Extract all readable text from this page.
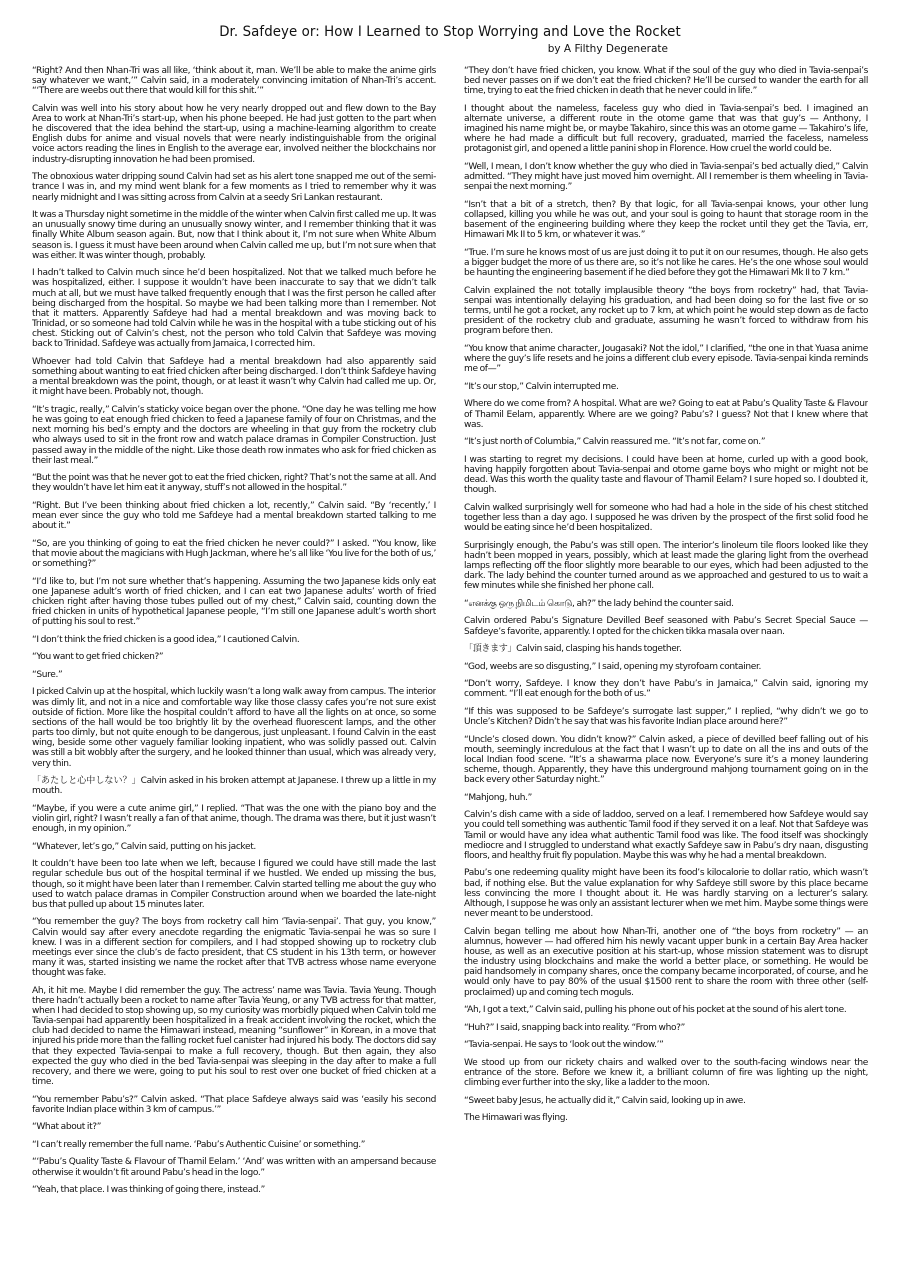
Dr. Safdeye or: How I Learned to Stop Worrying and Love the Rocket
by A Filthy Degenerate

“Right? And then Nhan-Tri was all like, ‘think about it, man. We’ll be able to make the anime girls say whatever we want,’” Calvin said, in a moderately convincing imitation of Nhan-Tri’s accent. “‘There are weebs out there that would kill for this shit.’”

Calvin was well into his story about how he very nearly dropped out and flew down to the Bay Area to work at Nhan-Tri’s start-up, when his phone beeped. He had just gotten to the part when he discovered that the idea behind the start-up, using a machine-learning algorithm to create English dubs for anime and visual novels that were nearly indistinguishable from the original voice actors reading the lines in English to the average ear, involved neither the blockchains nor industry-disrupting innovation he had been promised.

The obnoxious water dripping sound Calvin had set as his alert tone snapped me out of the semi-trance I was in, and my mind went blank for a few moments as I tried to remember why it was nearly midnight and I was sitting across from Calvin at a seedy Sri Lankan restaurant.

It was a Thursday night sometime in the middle of the winter when Calvin first called me up. It was an unusually snowy time during an unusually snowy winter, and I remember thinking that it was finally White Album season again. But, now that I think about it, I’m not sure when White Album season is. I guess it must have been around when Calvin called me up, but I’m not sure when that was either. It was winter though, probably.

I hadn’t talked to Calvin much since he’d been hospitalized. Not that we talked much before he was hospitalized, either. I suppose it wouldn’t have been inaccurate to say that we didn’t talk much at all, but we must have talked frequently enough that I was the first person he called after being discharged from the hospital. So maybe we had been talking more than I remember. Not that it matters. Apparently Safdeye had had a mental breakdown and was moving back to Trinidad, or so someone had told Calvin while he was in the hospital with a tube sticking out of his chest. Sticking out of Calvin’s chest, not the person who told Calvin that Safdeye was moving back to Trinidad. Safdeye was actually from Jamaica, I corrected him.

Whoever had told Calvin that Safdeye had a mental breakdown had also apparently said something about wanting to eat fried chicken after being discharged. I don’t think Safdeye having a mental breakdown was the point, though, or at least it wasn’t why Calvin had called me up. Or, it might have been. Probably not, though.

“It’s tragic, really,” Calvin’s staticky voice began over the phone. “One day he was telling me how he was going to eat enough fried chicken to feed a Japanese family of four on Christmas, and the next morning his bed’s empty and the doctors are wheeling in that guy from the rocketry club who always used to sit in the front row and watch palace dramas in Compiler Construction. Just passed away in the middle of the night. Like those death row inmates who ask for fried chicken as their last meal.”

“But the point was that he never got to eat the fried chicken, right? That’s not the same at all. And they wouldn’t have let him eat it anyway, stuff’s not allowed in the hospital.”

“Right. But I’ve been thinking about fried chicken a lot, recently,” Calvin said. “By ‘recently,’ I mean ever since the guy who told me Safdeye had a mental breakdown started talking to me about it.”

“So, are you thinking of going to eat the fried chicken he never could?” I asked. “You know, like that movie about the magicians with Hugh Jackman, where he’s all like ‘You live for the both of us,’ or something?”

“I’d like to, but I’m not sure whether that’s happening. Assuming the two Japanese kids only eat one Japanese adult’s worth of fried chicken, and I can eat two Japanese adults’ worth of fried chicken right after having those tubes pulled out of my chest,” Calvin said, counting down the fried chicken in units of hypothetical Japanese people, “I’m still one Japanese adult’s worth short of putting his soul to rest.”

“I don’t think the fried chicken is a good idea,” I cautioned Calvin.

“You want to get fried chicken?”

“Sure.”

I picked Calvin up at the hospital, which luckily wasn’t a long walk away from campus. The interior was dimly lit, and not in a nice and comfortable way like those classy cafes you’re not sure exist outside of fiction. More like the hospital couldn’t afford to have all the lights on at once, so some sections of the hall would be too brightly lit by the overhead fluorescent lamps, and the other parts too dimly, but not quite enough to be dangerous, just unpleasant. I found Calvin in the east wing, beside some other vaguely familiar looking inpatient, who was solidly passed out. Calvin was still a bit wobbly after the surgery, and he looked thinner than usual, which was already very, very thin.

「あたしと心中しない？」Calvin asked in his broken attempt at Japanese. I threw up a little in my mouth.

“Maybe, if you were a cute anime girl,” I replied. “That was the one with the piano boy and the violin girl, right? I wasn’t really a fan of that anime, though. The drama was there, but it just wasn’t enough, in my opinion.”

“Whatever, let’s go,” Calvin said, putting on his jacket.

It couldn’t have been too late when we left, because I figured we could have still made the last regular schedule bus out of the hospital terminal if we hustled. We ended up missing the bus, though, so it might have been later than I remember. Calvin started telling me about the guy who used to watch palace dramas in Compiler Construction around when we boarded the late-night bus that pulled up about 15 minutes later.

“You remember the guy? The boys from rocketry call him ‘Tavia-senpai’. That guy, you know,” Calvin would say after every anecdote regarding the enigmatic Tavia-senpai he was so sure I knew. I was in a different section for compilers, and I had stopped showing up to rocketry club meetings ever since the club’s de facto president, that CS student in his 13th term, or however many it was, started insisting we name the rocket after that TVB actress whose name everyone thought was fake.

Ah, it hit me. Maybe I did remember the guy. The actress’ name was Tavia. Tavia Yeung. Though there hadn’t actually been a rocket to name after Tavia Yeung, or any TVB actress for that matter, when I had decided to stop showing up, so my curiosity was morbidly piqued when Calvin told me Tavia-senpai had apparently been hospitalized in a freak accident involving the rocket, which the club had decided to name the Himawari instead, meaning “sunflower” in Korean, in a move that injured his pride more than the falling rocket fuel canister had injured his body. The doctors did say that they expected Tavia-senpai to make a full recovery, though. But then again, they also expected the guy who died in the bed Tavia-senpai was sleeping in the day after to make a full recovery, and there we were, going to put his soul to rest over one bucket of fried chicken at a time.

“You remember Pabu’s?” Calvin asked. “That place Safdeye always said was ‘easily his second favorite Indian place within 3 km of campus.’”

“What about it?”

“I can’t really remember the full name. ‘Pabu’s Authentic Cuisine’ or something.”

“‘Pabu’s Quality Taste & Flavour of Thamil Eelam.’ ‘And’ was written with an ampersand because otherwise it wouldn’t fit around Pabu’s head in the logo.”

“Yeah, that place. I was thinking of going there, instead.”

“They don’t have fried chicken, you know. What if the soul of the guy who died in Tavia-senpai’s bed never passes on if we don’t eat the fried chicken? He’ll be cursed to wander the earth for all time, trying to eat the fried chicken in death that he never could in life.”

I thought about the nameless, faceless guy who died in Tavia-senpai’s bed. I imagined an alternate universe, a different route in the otome game that was that guy’s — Anthony, I imagined his name might be, or maybe Takahiro, since this was an otome game — Takahiro’s life, where he had made a difficult but full recovery, graduated, married the faceless, nameless protagonist girl, and opened a little panini shop in Florence. How cruel the world could be.

“Well, I mean, I don’t know whether the guy who died in Tavia-senpai’s bed actually died,” Calvin admitted. “They might have just moved him overnight. All I remember is them wheeling in Tavia-senpai the next morning.”

“Isn’t that a bit of a stretch, then? By that logic, for all Tavia-senpai knows, your other lung collapsed, killing you while he was out, and your soul is going to haunt that storage room in the basement of the engineering building where they keep the rocket until they get the Tavia, err, Himawari Mk II to 5 km, or whatever it was.”

“True. I’m sure he knows most of us are just doing it to put it on our resumes, though. He also gets a bigger budget the more of us there are, so it’s not like he cares. He’s the one whose soul would be haunting the engineering basement if he died before they got the Himawari Mk II to 7 km.”

Calvin explained the not totally implausible theory “the boys from rocketry” had, that Tavia-senpai was intentionally delaying his graduation, and had been doing so for the last five or so terms, until he got a rocket, any rocket up to 7 km, at which point he would step down as de facto president of the rocketry club and graduate, assuming he wasn’t forced to withdraw from his program before then.

“You know that anime character, Jougasaki? Not the idol,” I clarified, “the one in that Yuasa anime where the guy’s life resets and he joins a different club every episode. Tavia-senpai kinda reminds me of—”

“It’s our stop,” Calvin interrupted me.

Where do we come from? A hospital. What are we? Going to eat at Pabu’s Quality Taste & Flavour of Thamil Eelam, apparently. Where are we going? Pabu’s? I guess? Not that I knew where that was.

“It’s just north of Columbia,” Calvin reassured me. “It’s not far, come on.”

I was starting to regret my decisions. I could have been at home, curled up with a good book, having happily forgotten about Tavia-senpai and otome game boys who might or might not be dead. Was this worth the quality taste and flavour of Thamil Eelam? I sure hoped so. I doubted it, though.

Calvin walked surprisingly well for someone who had had a hole in the side of his chest stitched together less than a day ago. I supposed he was driven by the prospect of the first solid food he would be eating since he’d been hospitalized.

Surprisingly enough, the Pabu’s was still open. The interior’s linoleum tile floors looked like they hadn’t been mopped in years, possibly, which at least made the glaring light from the overhead lamps reflecting off the floor slightly more bearable to our eyes, which had been adjusted to the dark. The lady behind the counter turned around as we approached and gestured to us to wait a few minutes while she finished her phone call.

“எனக்கு ஒரு நிமிடம் கொடு, ah?” the lady behind the counter said.

Calvin ordered Pabu’s Signature Devilled Beef seasoned with Pabu’s Secret Special Sauce — Safdeye’s favorite, apparently. I opted for the chicken tikka masala over naan.

「頂きます」Calvin said, clasping his hands together.

“God, weebs are so disgusting,” I said, opening my styrofoam container.

“Don’t worry, Safdeye. I know they don’t have Pabu’s in Jamaica,” Calvin said, ignoring my comment. “I’ll eat enough for the both of us.”

“If this was supposed to be Safdeye’s surrogate last supper,” I replied, “why didn’t we go to Uncle’s Kitchen? Didn’t he say that was his favorite Indian place around here?”

“Uncle’s closed down. You didn’t know?” Calvin asked, a piece of devilled beef falling out of his mouth, seemingly incredulous at the fact that I wasn’t up to date on all the ins and outs of the local Indian food scene. “It’s a shawarma place now. Everyone’s sure it’s a money laundering scheme, though. Apparently, they have this underground mahjong tournament going on in the back every other Saturday night.”

“Mahjong, huh.”

Calvin’s dish came with a side of laddoo, served on a leaf. I remembered how Safdeye would say you could tell something was authentic Tamil food if they served it on a leaf. Not that Safdeye was Tamil or would have any idea what authentic Tamil food was like. The food itself was shockingly mediocre and I struggled to understand what exactly Safdeye saw in Pabu’s dry naan, disgusting floors, and healthy fruit fly population. Maybe this was why he had a mental breakdown.

Pabu’s one redeeming quality might have been its food’s kilocalorie to dollar ratio, which wasn’t bad, if nothing else. But the value explanation for why Safdeye still swore by this place became less convincing the more I thought about it. He was hardly starving on a lecturer’s salary. Although, I suppose he was only an assistant lecturer when we met him. Maybe some things were never meant to be understood.

Calvin began telling me about how Nhan-Tri, another one of “the boys from rocketry” — an alumnus, however — had offered him his newly vacant upper bunk in a certain Bay Area hacker house, as well as an executive position at his start-up, whose mission statement was to disrupt the industry using blockchains and make the world a better place, or something. He would be paid handsomely in company shares, once the company became incorporated, of course, and he would only have to pay 80% of the usual $1500 rent to share the room with three other (self-proclaimed) up and coming tech moguls.

“Ah, I got a text,” Calvin said, pulling his phone out of his pocket at the sound of his alert tone.

“Huh?” I said, snapping back into reality. “From who?”

“Tavia-senpai. He says to ‘look out the window.’”

We stood up from our rickety chairs and walked over to the south-facing windows near the entrance of the store. Before we knew it, a brilliant column of fire was lighting up the night, climbing ever further into the sky, like a ladder to the moon.

“Sweet baby Jesus, he actually did it,” Calvin said, looking up in awe.

The Himawari was flying.
